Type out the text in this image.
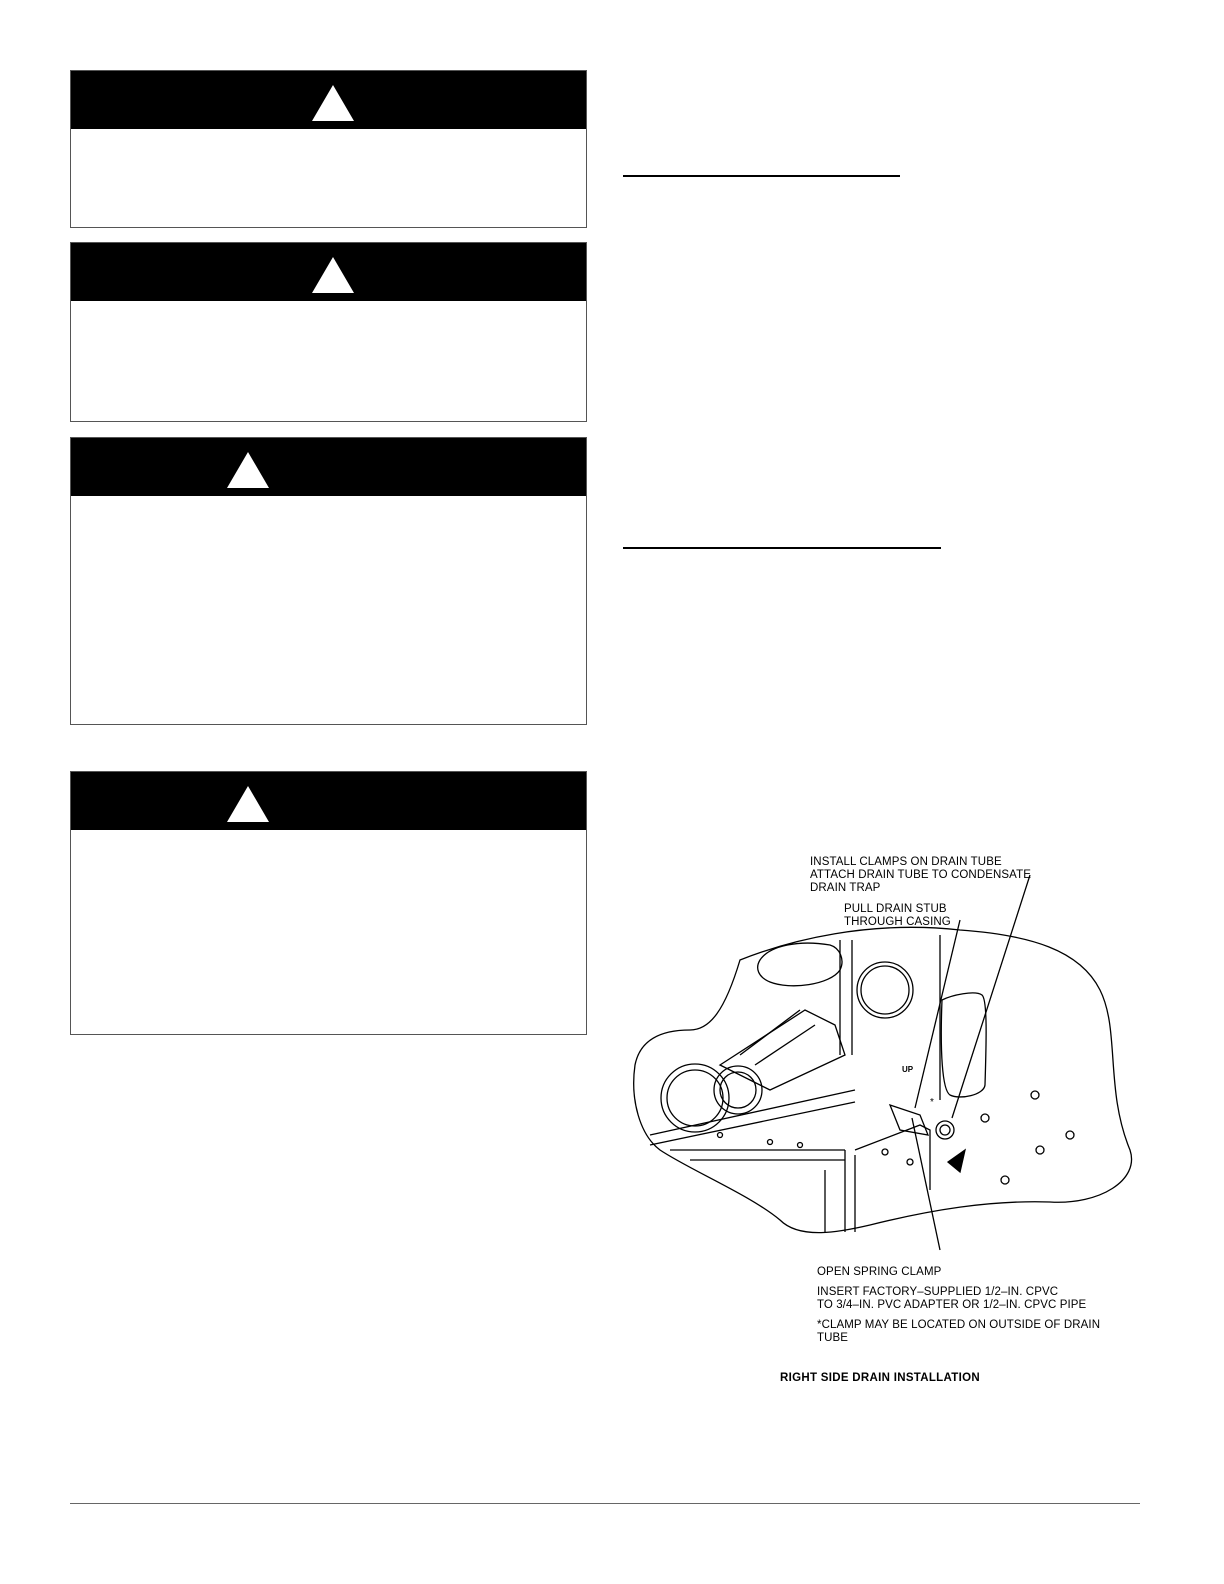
INSTALL CLAMPS ON DRAIN TUBE
ATTACH DRAIN TUBE TO CONDENSATE
DRAIN TRAP
PULL DRAIN STUB
THROUGH CASING
OPEN SPRING CLAMP
INSERT FACTORY–SUPPLIED 1/2–IN. CPVC
TO 3/4–IN. PVC ADAPTER OR 1/2–IN. CPVC PIPE
*CLAMP MAY BE LOCATED ON OUTSIDE OF DRAIN
TUBE
RIGHT SIDE DRAIN INSTALLATION
UP
*
